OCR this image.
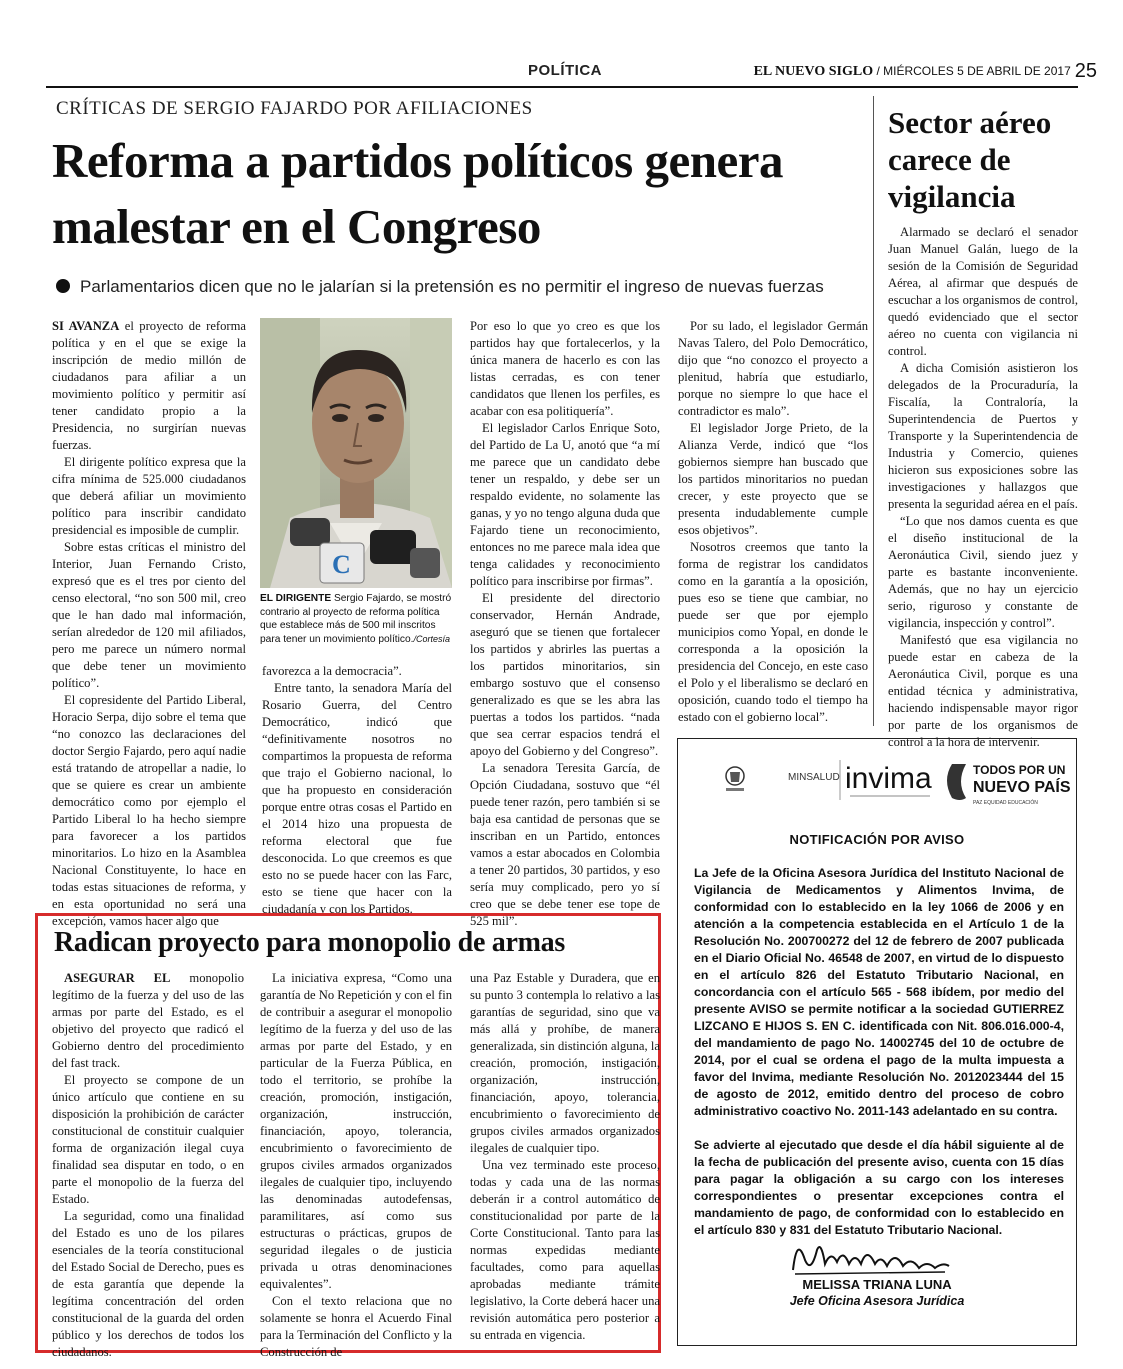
POLÍTICA	EL NUEVO SIGLO / MIÉRCOLES 5 DE ABRIL DE 2017 25
CRÍTICAS DE SERGIO FAJARDO POR AFILIACIONES
Reforma a partidos políticos genera malestar en el Congreso
Parlamentarios dicen que no le jalarían si la pretensión es no permitir el ingreso de nuevas fuerzas

SI AVANZA el proyecto de reforma política y en el que se exige la inscripción de medio millón de ciudadanos para afiliar a un movimiento político y permitir así tener candidato propio a la Presidencia, no surgirían nuevas fuerzas.

El dirigente político expresa que la cifra mínima de 525.000 ciudadanos que deberá afiliar un movimiento político para inscribir candidato presidencial es imposible de cumplir.

Sobre estas críticas el ministro del Interior, Juan Fernando Cristo, expresó que es el tres por ciento del censo electoral, “no son 500 mil, creo que le han dado mal información, serían alrededor de 120 mil afiliados, pero me parece un número normal que debe tener un movimiento político”.

El copresidente del Partido Liberal, Horacio Serpa, dijo sobre el tema que “no conozco las declaraciones del doctor Sergio Fajardo, pero aquí nadie está tratando de atropellar a nadie, lo que se quiere es crear un ambiente democrático como por ejemplo el Partido Liberal lo ha hecho siempre para favorecer a los partidos minoritarios. Lo hizo en la Asamblea Nacional Constituyente, lo hace en todas estas situaciones de reforma, y en esta oportunidad no será una excepción, vamos hacer algo que

C
EL DIRIGENTE Sergio Fajardo, se mostró contrario al proyecto de reforma política que establece más de 500 mil inscritos para tener un movimiento político./Cortesía

favorezca a la democracia”.

Entre tanto, la senadora María del Rosario Guerra, del Centro Democrático, indicó que “definitivamente nosotros no compartimos la propuesta de reforma que trajo el Gobierno nacional, lo que ha propuesto en consideración porque entre otras cosas el Partido en el 2014 hizo una propuesta de reforma electoral que fue desconocida. Lo que creemos es que esto no se puede hacer con las Farc, esto se tiene que hacer con la ciudadanía y con los Partidos.

Por eso lo que yo creo es que los partidos hay que fortalecerlos, y la única manera de hacerlo es con las listas cerradas, es con tener candidatos que llenen los perfiles, es acabar con esa politiquería”.

El legislador Carlos Enrique Soto, del Partido de La U, anotó que “a mí me parece que un candidato debe tener un respaldo, y debe ser un respaldo evidente, no solamente las ganas, y yo no tengo alguna duda que Fajardo tiene un reconocimiento, entonces no me parece mala idea que tenga calidades y reconocimiento político para inscribirse por firmas”.

El presidente del directorio conservador, Hernán Andrade, aseguró que se tienen que fortalecer los partidos y abrirles las puertas a los partidos minoritarios, sin embargo sostuvo que el consenso generalizado es que se les abra las puertas a todos los partidos. “nada que sea cerrar espacios tendrá el apoyo del Gobierno y del Congreso”.

La senadora Teresita García, de Opción Ciudadana, sostuvo que “él puede tener razón, pero también si se baja esa cantidad de personas que se inscriban en un Partido, entonces vamos a estar abocados en Colombia a tener 20 partidos, 30 partidos, y eso sería muy complicado, pero yo sí creo que se debe tener ese tope de 525 mil”.

Por su lado, el legislador Germán Navas Talero, del Polo Democrático, dijo que “no conozco el proyecto a plenitud, habría que estudiarlo, porque no siempre lo que hace el contradictor es malo”.

El legislador Jorge Prieto, de la Alianza Verde, indicó que “los gobiernos siempre han buscado que los partidos minoritarios no puedan crecer, y este proyecto que se presenta indudablemente cumple esos objetivos”.

Nosotros creemos que tanto la forma de registrar los candidatos como en la garantía a la oposición, pues eso se tiene que cambiar, no puede ser que por ejemplo municipios como Yopal, en donde le corresponda a la oposición la presidencia del Concejo, en este caso el Polo y el liberalismo se declaró en oposición, cuando todo el tiempo ha estado con el gobierno local”.

Sector aéreo carece de vigilancia

Alarmado se declaró el senador Juan Manuel Galán, luego de la sesión de la Comisión de Seguridad Aérea, al afirmar que después de escuchar a los organismos de control, quedó evidenciado que el sector aéreo no cuenta con vigilancia ni control.

A dicha Comisión asistieron los delegados de la Procuraduría, la Fiscalía, la Contraloría, la Superintendencia de Puertos y Transporte y la Superintendencia de Industria y Comercio, quienes hicieron sus exposiciones sobre las investigaciones y hallazgos que presenta la seguridad aérea en el país.

“Lo que nos damos cuenta es que el diseño institucional de la Aeronáutica Civil, siendo juez y parte es bastante inconveniente. Además, que no hay un ejercicio serio, riguroso y constante de vigilancia, inspección y control”.

Manifestó que esa vigilancia no puede estar en cabeza de la Aeronáutica Civil, porque es una entidad técnica y administrativa, haciendo indispensable mayor rigor por parte de los organismos de control a la hora de intervenir.

Radican proyecto para monopolio de armas

ASEGURAR EL monopolio legítimo de la fuerza y del uso de las armas por parte del Estado, es el objetivo del proyecto que radicó el Gobierno dentro del procedimiento del fast track.

El proyecto se compone de un único artículo que contiene en su disposición la prohibición de carácter constitucional de constituir cualquier forma de organización ilegal cuya finalidad sea disputar en todo, o en parte el monopolio de la fuerza del Estado.

La seguridad, como una finalidad del Estado es uno de los pilares esenciales de la teoría constitucional del Estado Social de Derecho, pues es de esta garantía que depende la legítima concentración del orden constitucional de la guarda del orden público y los derechos de todos los ciudadanos.

La iniciativa expresa, “Como una garantía de No Repetición y con el fin de contribuir a asegurar el monopolio legítimo de la fuerza y del uso de las armas por parte del Estado, y en particular de la Fuerza Pública, en todo el territorio, se prohíbe la creación, promoción, instigación, organización, instrucción, financiación, apoyo, tolerancia, encubrimiento o favorecimiento de grupos civiles armados organizados ilegales de cualquier tipo, incluyendo las denominadas autodefensas, paramilitares, así como sus estructuras o prácticas, grupos de seguridad ilegales o de justicia privada u otras denominaciones equivalentes”.

Con el texto relaciona que no solamente se honra el Acuerdo Final para la Terminación del Conflicto y la Construcción de

una Paz Estable y Duradera, que en su punto 3 contempla lo relativo a las garantías de seguridad, sino que va más allá y prohíbe, de manera generalizada, sin distinción alguna, la creación, promoción, instigación, organización, instrucción, financiación, apoyo, tolerancia, encubrimiento o favorecimiento de grupos civiles armados organizados ilegales de cualquier tipo.

Una vez terminado este proceso, todas y cada una de las normas deberán ir a control automático de constitucionalidad por parte de la Corte Constitucional. Tanto para las normas expedidas mediante facultades, como para aquellas aprobadas mediante trámite legislativo, la Corte deberá hacer una revisión automática pero posterior a su entrada en vigencia.

invima
MINSALUD
TODOS POR UN
NUEVO PAÍS
PAZ EQUIDAD EDUCACIÓN
NOTIFICACIÓN POR AVISO

La Jefe de la Oficina Asesora Jurídica del Instituto Nacional de Vigilancia de Medicamentos y Alimentos Invima, de conformidad con lo establecido en la ley 1066 de 2006 y en atención a la competencia establecida en el Artículo 1 de la Resolución No. 200700272 del 12 de febrero de 2007 publicada en el Diario Oficial No. 46548 de 2007, en virtud de lo dispuesto en el artículo 826 del Estatuto Tributario Nacional, en concordancia con el artículo 565 - 568 ibídem, por medio del presente AVISO se permite notificar a la sociedad GUTIERREZ LIZCANO E HIJOS S. EN C. identificada con Nit. 806.016.000-4, del mandamiento de pago No. 14002745 del 10 de octubre de 2014, por el cual se ordena el pago de la multa impuesta a favor del Invima, mediante Resolución No. 2012023444 del 15 de agosto de 2012, emitido dentro del proceso de cobro administrativo coactivo No. 2011-143 adelantado en su contra.

Se advierte al ejecutado que desde el día hábil siguiente al de la fecha de publicación del presente aviso, cuenta con 15 días para pagar la obligación a su cargo con los intereses correspondientes o presentar excepciones contra el mandamiento de pago, de conformidad con lo establecido en el artículo 830 y 831 del Estatuto Tributario Nacional.

MELISSA TRIANA LUNA
Jefe Oficina Asesora Jurídica
